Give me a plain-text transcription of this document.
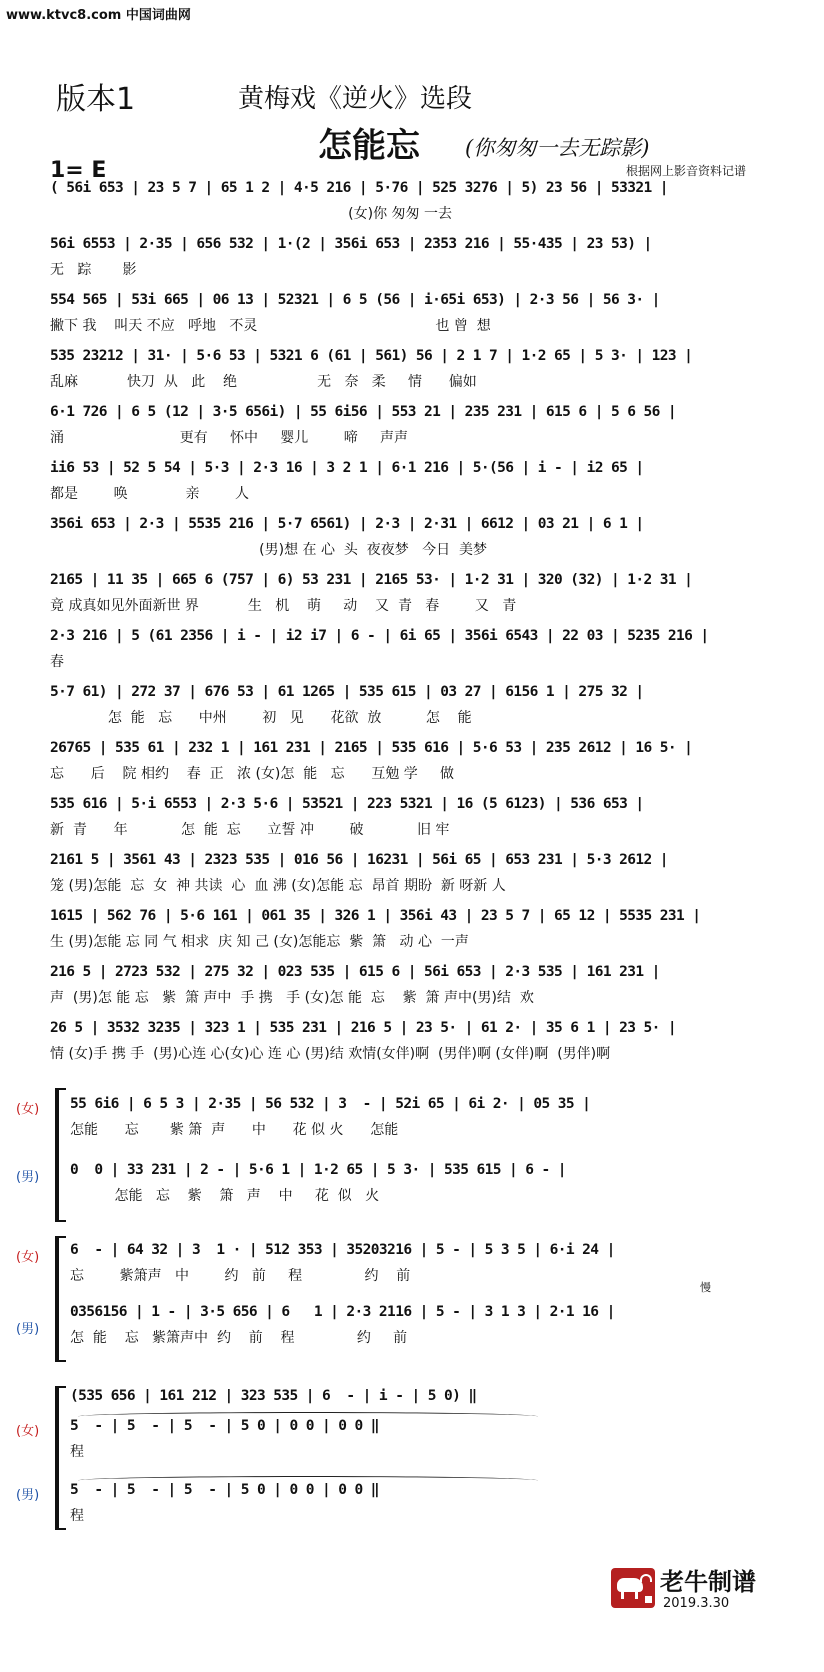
www.ktvc8.com 中国词曲网
版本1	黄梅戏《逆火》选段
怎能忘 (你匆匆一去无踪影)
1= E	根据网上影音资料记谱
( 56i 653 | 23 5 7 | 65 1 2 | 4·5 216 | 5·76 | 525 3276 | 5) 23 56 | 53321 |
(女)你 匆匆 一去
56i 6553 | 2·35 | 656 532 | 1·(2 | 356i 653 | 2353 216 | 55·435 | 23 53) |
无   踪       影
554 565 | 53i 665 | 06 13 | 52321 | 6 5 (56 | i·65i 653) | 2·3 56 | 56 3· |
撇下 我    叫天 不应   呼地   不灵                                        也 曾  想
535 23212 | 31· | 5·6 53 | 5321 6 (61 | 561) 56 | 2 1 7 | 1·2 65 | 5 3· | 123 |
乱麻           快刀  从   此    绝                  无   奈   柔     情      偏如
6·1 726 | 6 5 (12 | 3·5 656i) | 55 6i56 | 553 21 | 235 231 | 615 6 | 5 6 56 |
涌                          更有     怀中     婴儿        啼     声声
ii6 53 | 52 5 54 | 5·3 | 2·3 16 | 3 2 1 | 6·1 216 | 5·(56 | i - | i2 65 |
都是        唤             亲        人
356i 653 | 2·3 | 5535 216 | 5·7 6561) | 2·3 | 2·31 | 6612 | 03 21 | 6 1 |
(男)想 在 心  头  夜夜梦   今日  美梦
2165 | 11 35 | 665 6 (757 | 6) 53 231 | 2165 53· | 1·2 31 | 320 (32) | 1·2 31 |
竟 成真如见外面新世 界           生   机    萌     动    又  青   春        又   青
2·3 216 | 5 (61 2356 | i - | i2 i7 | 6 - | 6i 65 | 356i 6543 | 22 03 | 5235 216 |
春
5·7 61) | 272 37 | 676 53 | 61 1265 | 535 615 | 03 27 | 6156 1 | 275 32 |
怎  能   忘      中州        初   见      花欲  放          怎    能
26765 | 535 61 | 232 1 | 161 231 | 2165 | 535 616 | 5·6 53 | 235 2612 | 16 5· |
忘      后    院 相约    春  正   浓 (女)怎  能   忘      互勉 学     做
535 616 | 5·i 6553 | 2·3 5·6 | 53521 | 223 5321 | 16 (5 6123) | 536 653 |
新  青      年            怎  能  忘      立誓 冲        破            旧 牢
2161 5 | 3561 43 | 2323 535 | 016 56 | 16231 | 56i 65 | 653 231 | 5·3 2612 |
笼 (男)怎能  忘  女  神 共读  心  血 沸 (女)怎能 忘  昂首 期盼  新 呀新 人
1615 | 562 76 | 5·6 161 | 061 35 | 326 1 | 356i 43 | 23 5 7 | 65 12 | 5535 231 |
生 (男)怎能 忘 同 气 相求  庆 知 己 (女)怎能忘  紫  箫   动 心  一声
216 5 | 2723 532 | 275 32 | 023 535 | 615 6 | 56i 653 | 2·3 535 | 161 231 |
声  (男)怎 能 忘   紫  箫 声中  手 携   手 (女)怎 能  忘    紫  箫 声中(男)结  欢
26 5 | 3532 3235 | 323 1 | 535 231 | 216 5 | 23 5· | 61 2· | 35 6 1 | 23 5· |
情 (女)手 携 手  (男)心连 心(女)心 连 心 (男)结 欢情(女伴)啊  (男伴)啊 (女伴)啊  (男伴)啊
(女)
(男)
55 6i6 | 6 5 3 | 2·35 | 56 532 | 3  - | 52i 65 | 6i 2· | 05 35 |
怎能      忘       紫 箫  声      中      花 似 火      怎能
0  0 | 33 231 | 2 - | 5·6 1 | 1·2 65 | 5 3· | 535 615 | 6 - |
怎能   忘    紫    箫   声    中     花  似   火
慢
(女)
(男)
6  - | 64 32 | 3  1 · | 512 353 | 35203216 | 5 - | 5 3 5 | 6·i 24 |
忘        紫箫声   中        约   前     程              约    前
0356156 | 1 - | 3·5 656 | 6   1 | 2·3 2116 | 5 - | 3 1 3 | 2·1 16 |
怎  能    忘   紫箫声中  约    前    程              约     前
(535 656 | 161 212 | 323 535 | 6  - | i - | 5 0) ‖
(女)
(男)
5  - | 5  - | 5  - | 5 0 | 0 0 | 0 0 ‖
程
5  - | 5  - | 5  - | 5 0 | 0 0 | 0 0 ‖
程
老牛制谱
2019.3.30
